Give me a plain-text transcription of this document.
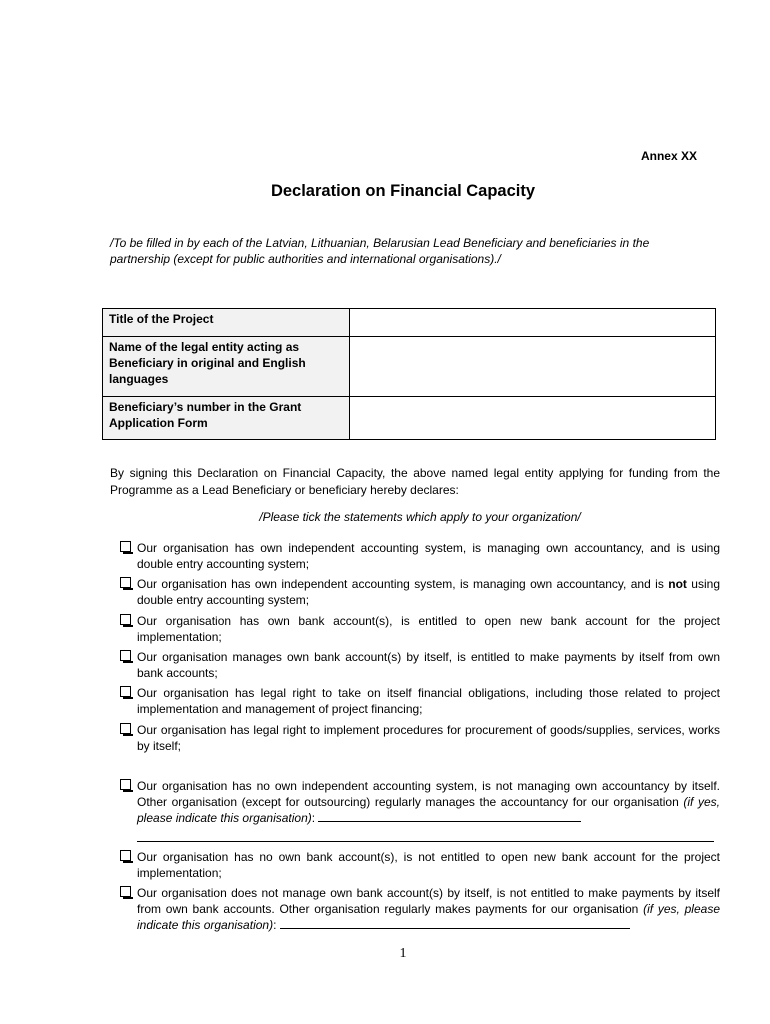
Annex XX
Declaration on Financial Capacity
/To be filled in by each of the Latvian, Lithuanian, Belarusian Lead Beneficiary and beneficiaries in the partnership (except for public authorities and international organisations)./
Title of the Project	
Name of the legal entity acting as Beneficiary in original and English languages	
Beneficiary’s number in the Grant Application Form	
By signing this Declaration on Financial Capacity, the above named legal entity applying for funding from the Programme as a Lead Beneficiary or beneficiary hereby declares:
/Please tick the statements which apply to your organization/
Our organisation has own independent accounting system, is managing own accountancy, and is using double entry accounting system;
Our organisation has own independent accounting system, is managing own accountancy, and is not using double entry accounting system;
Our organisation has own bank account(s), is entitled to open new bank account for the project implementation;
Our organisation manages own bank account(s) by itself, is entitled to make payments by itself from own bank accounts;
Our organisation has legal right to take on itself financial obligations, including those related to project implementation and management of project financing;
Our organisation has legal right to implement procedures for procurement of goods/supplies, services, works by itself;
Our organisation has no own independent accounting system, is not managing own accountancy by itself. Other organisation (except for outsourcing) regularly manages the accountancy for our organisation (if yes, please indicate this organisation):
Our organisation has no own bank account(s), is not entitled to open new bank account for the project implementation;
Our organisation does not manage own bank account(s) by itself, is not entitled to make payments by itself from own bank accounts. Other organisation regularly makes payments for our organisation (if yes, please indicate this organisation):
1
